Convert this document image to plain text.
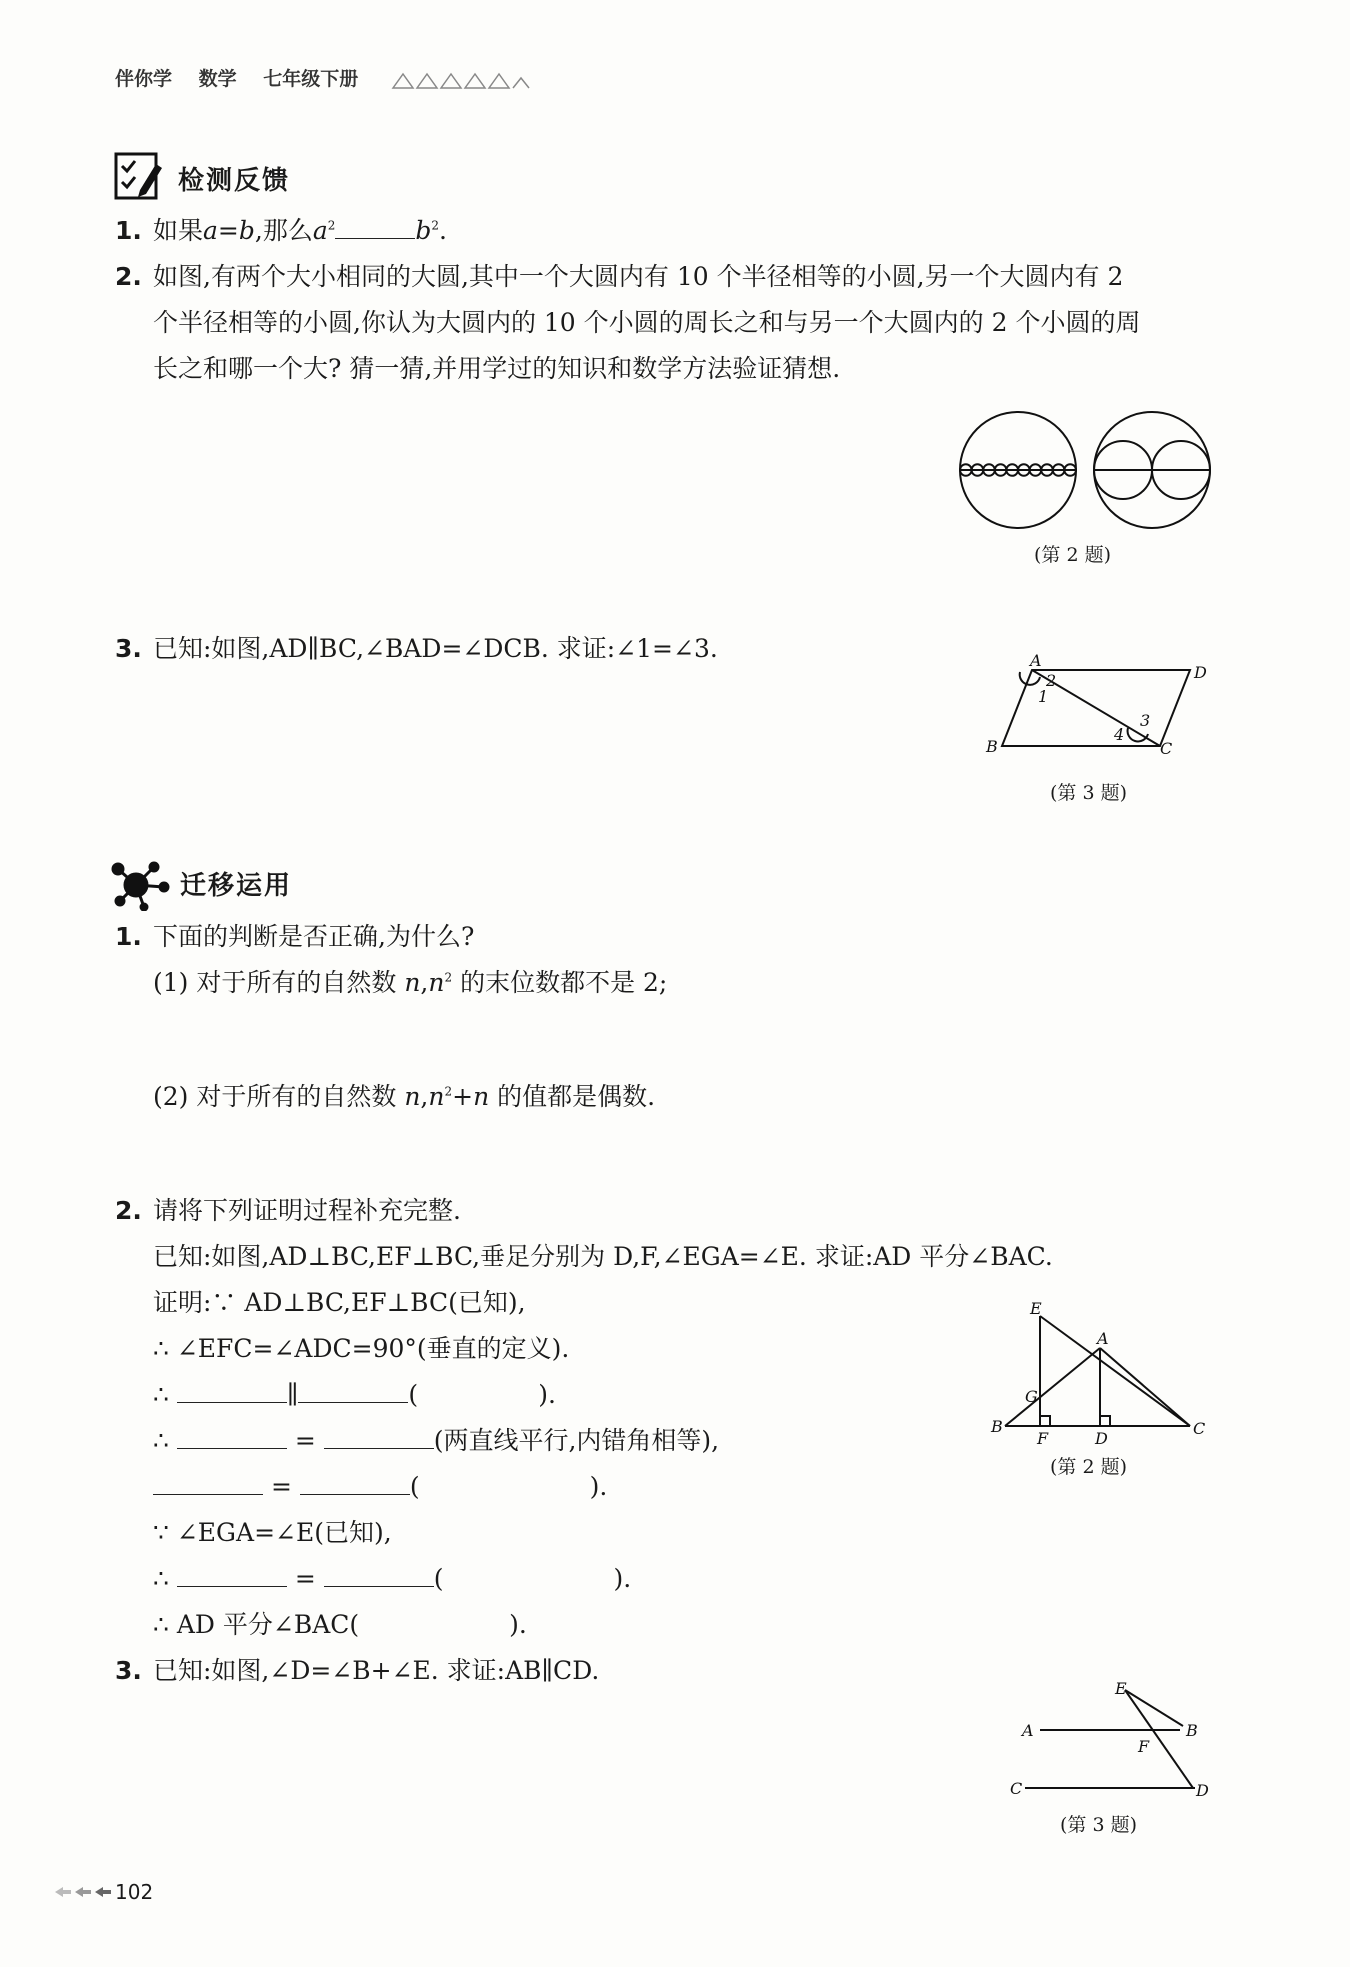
伴你学 数学 七年级下册
检测反馈
1. 如果a=b,那么$a^2$	$b^2$.
2. 如图,有两个大小相同的大圆,其中一个大圆内有 10 个半径相等的小圆,另一个大圆内有 2
个半径相等的小圆,你认为大圆内的 10 个小圆的周长之和与另一个大圆内的 2 个小圆的周
长之和哪一个大? 猜一猜,并用学过的知识和数学方法验证猜想.
(第 2 题)
3. 已知:如图,AD∥BC,∠BAD=∠DCB. 求证:∠1=∠3.	A
D
B	C
1
2
3
4
(第 3 题)
迁移运用
1. 下面的判断是否正确,为什么?
(1) 对于所有的自然数 $n,n^2$ 的末位数都不是 2;
(2) 对于所有的自然数 $n,n^2+n$ 的值都是偶数.
2. 请将下列证明过程补充完整.
已知:如图,AD⊥BC,EF⊥BC,垂足分别为 D,F,∠EGA=∠E. 求证:AD 平分∠BAC.
证明:∵ AD⊥BC,EF⊥BC(已知),
∴ ∠EFC=∠ADC=90°(垂直的定义).
∴	∥	(	).
∴	=	(两直线平行,内错角相等),
=	(	).
∵ ∠EGA=∠E(已知),
∴	=	(	).
∴ AD 平分∠BAC(	).
E
A
G
B
F	D
C
(第 2 题)
3. 已知:如图,∠D=∠B+∠E. 求证:AB∥CD.
E
A
F
B
C	D
(第 3 题)
102
